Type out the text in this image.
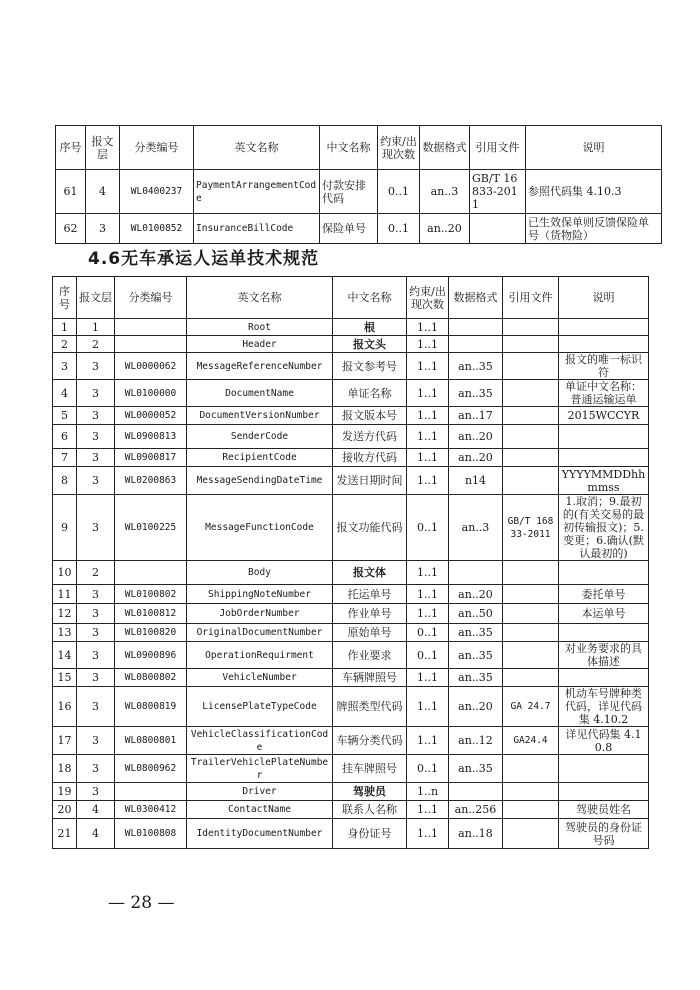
序号	报文层	分类编号	英文名称	中文名称	约束/出现次数	数据格式	引用文件	说明
61	4	WL0400237	PaymentArrangementCode	付款安排代码	0..1	an..3	GB/T 16833-2011	参照代码集 4.10.3
62	3	WL0100852	InsuranceBillCode	保险单号	0..1	an..20		已生效保单则反馈保险单号（货物险）
4.6无车承运人运单技术规范
序号	报文层	分类编号	英文名称	中文名称	约束/出现次数	数据格式	引用文件	说明
1	1		Root	根	1..1			
2	2		Header	报文头	1..1			
3	3	WL0000062	MessageReferenceNumber	报文参考号	1..1	an..35		报文的唯一标识符
4	3	WL0100000	DocumentName	单证名称	1..1	an..35		单证中文名称：普通运输运单
5	3	WL0000052	DocumentVersionNumber	报文版本号	1..1	an..17		2015WCCYR
6	3	WL0900813	SenderCode	发送方代码	1..1	an..20		
7	3	WL0900817	RecipientCode	接收方代码	1..1	an..20		
8	3	WL0200863	MessageSendingDateTime	发送日期时间	1..1	n14		YYYYMMDDhhmmss
9	3	WL0100225	MessageFunctionCode	报文功能代码	0..1	an..3	GB/T 16833-2011	1.取消；9.最初的(有关交易的最初传输报文)；5.变更；6.确认(默认最初的)
10	2		Body	报文体	1..1			
11	3	WL0100802	ShippingNoteNumber	托运单号	1..1	an..20		委托单号
12	3	WL0100812	JobOrderNumber	作业单号	1..1	an..50		本运单号
13	3	WL0100820	OriginalDocumentNumber	原始单号	0..1	an..35		
14	3	WL0900896	OperationRequirment	作业要求	0..1	an..35		对业务要求的具体描述
15	3	WL0800802	VehicleNumber	车辆牌照号	1..1	an..35		
16	3	WL0800819	LicensePlateTypeCode	牌照类型代码	1..1	an..20	GA 24.7	机动车号牌种类代码，详见代码集 4.10.2
17	3	WL0800801	VehicleClassificationCode	车辆分类代码	1..1	an..12	GA24.4	详见代码集 4.10.8
18	3	WL0800962	TrailerVehiclePlateNumber	挂车牌照号	0..1	an..35		
19	3		Driver	驾驶员	1..n			
20	4	WL0300412	ContactName	联系人名称	1..1	an..256		驾驶员姓名
21	4	WL0100808	IdentityDocumentNumber	身份证号	1..1	an..18		驾驶员的身份证号码
— 28 —
